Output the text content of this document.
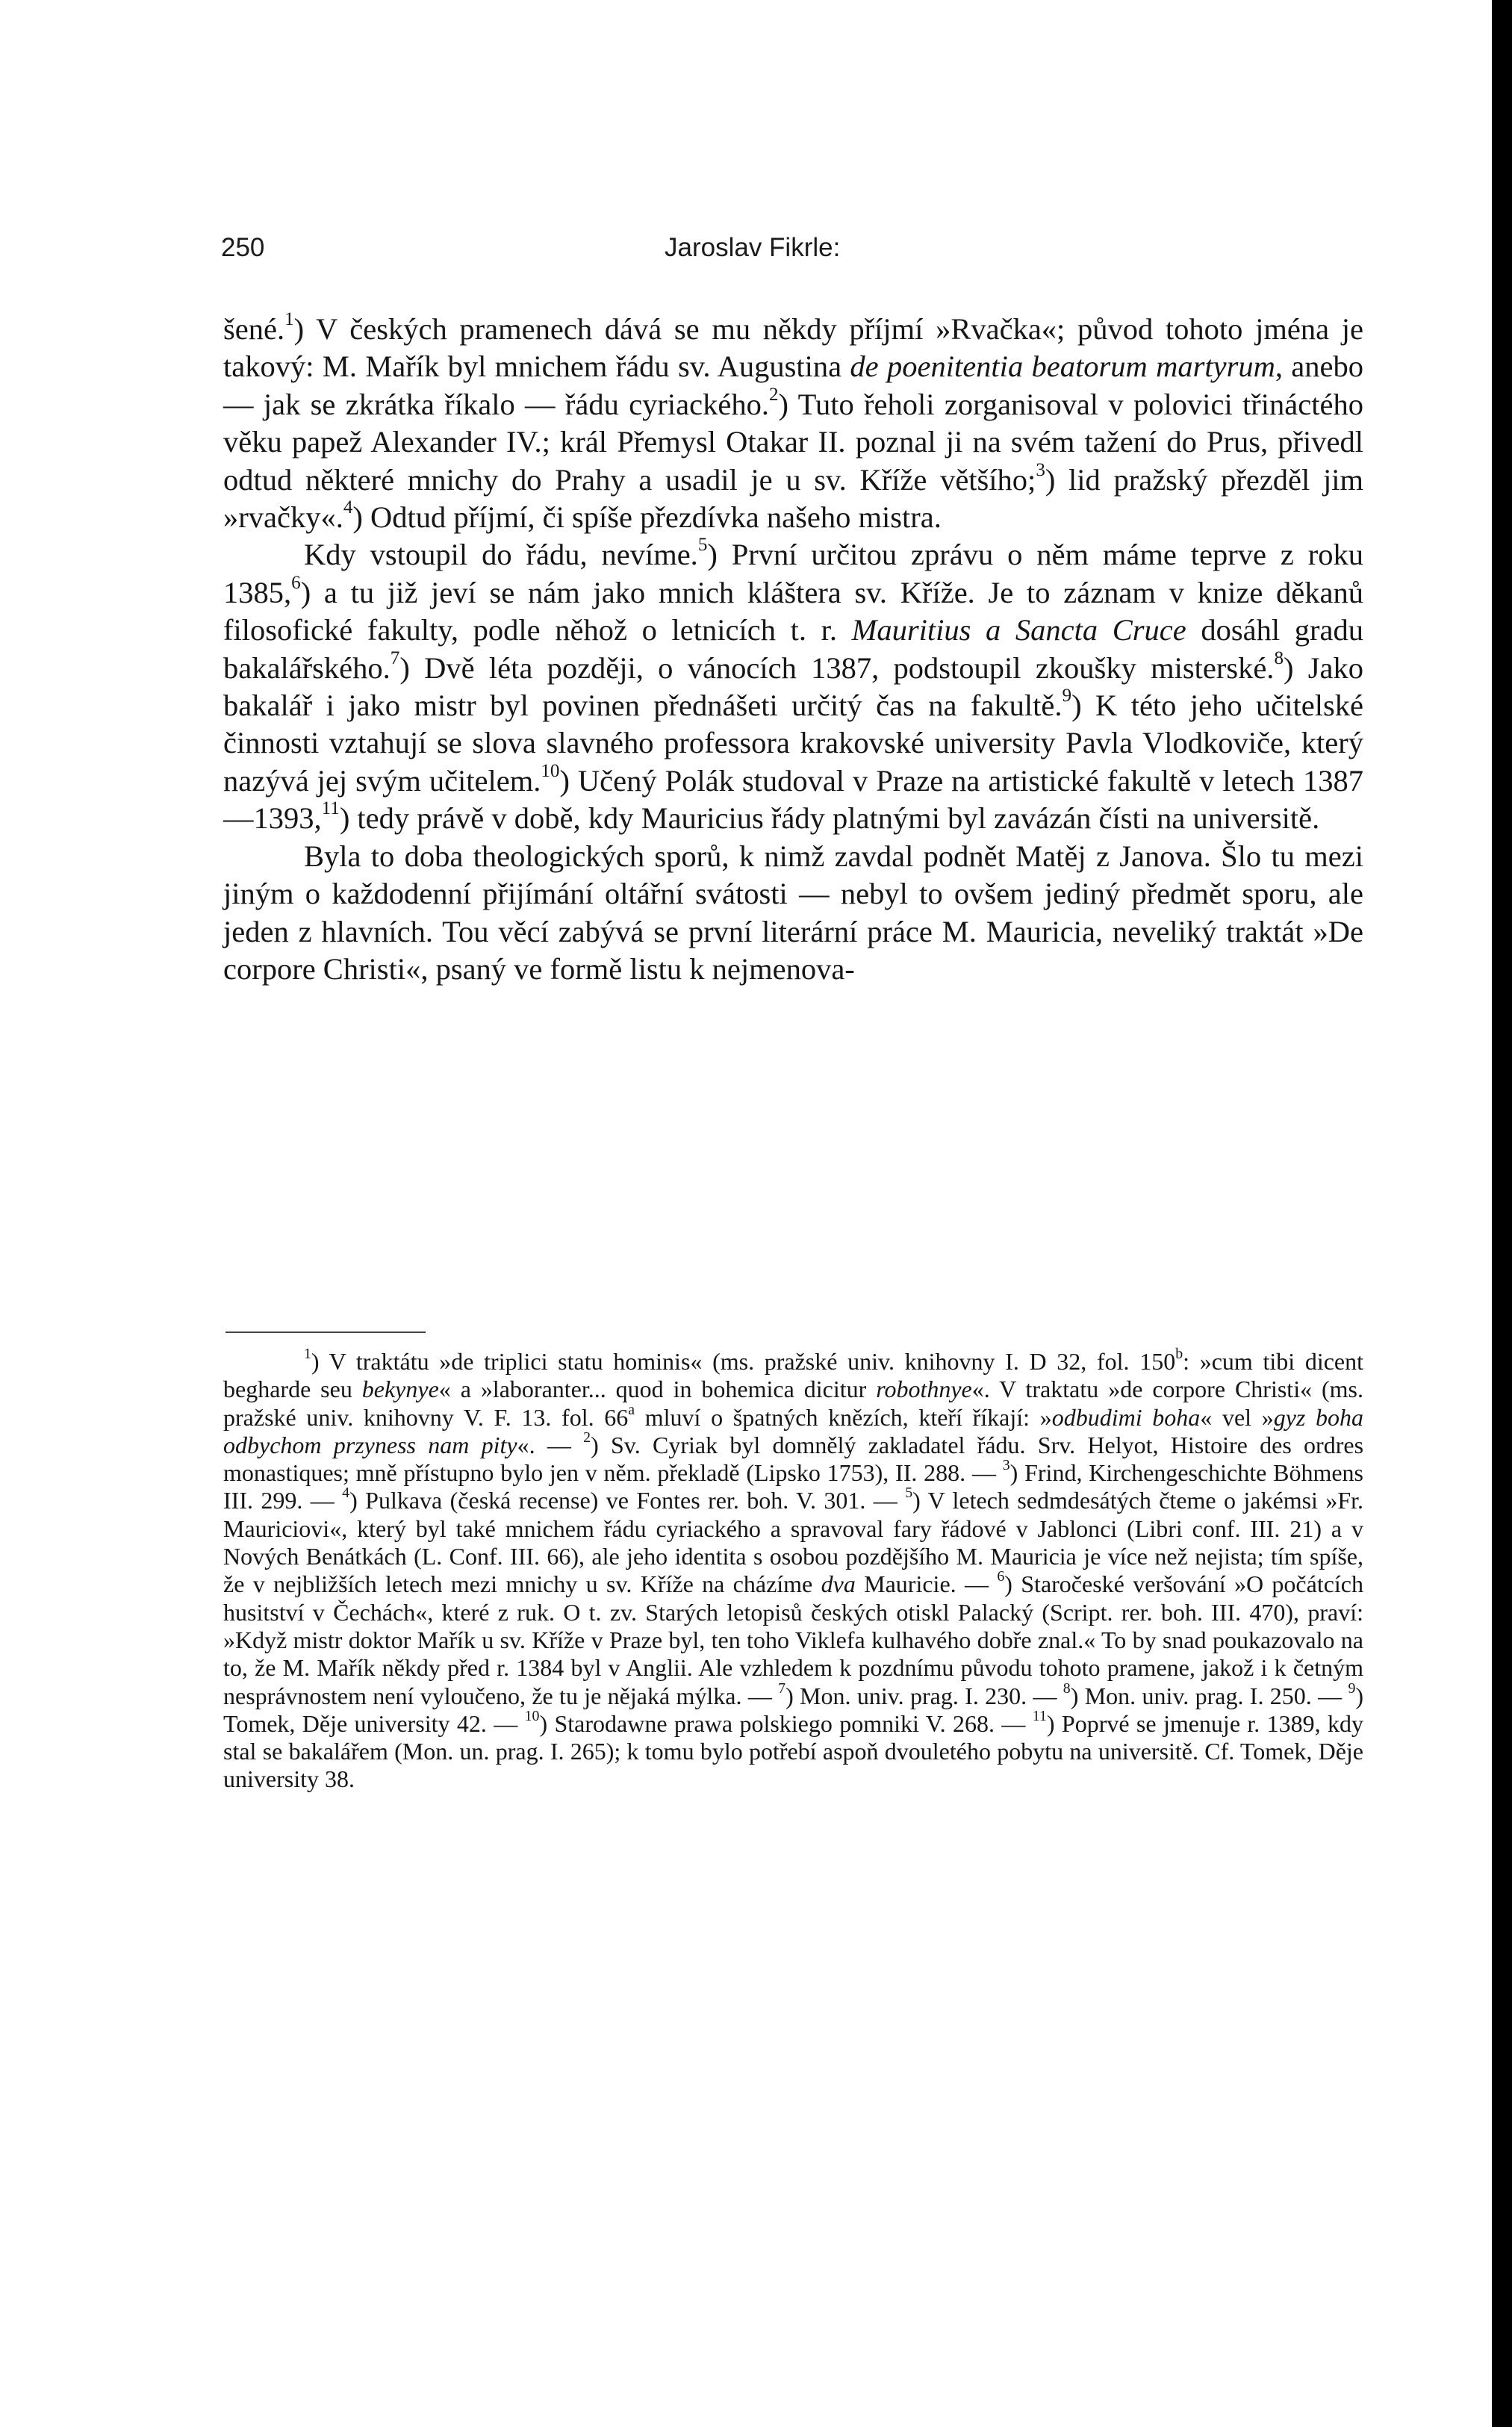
250	Jaroslav Fikrle:

šené.$^1$) V českých pramenech dává se mu někdy příjmí »Rvačka«; původ tohoto jména je takový: M. Mařík byl mnichem řádu sv. Augustina de poenitentia beatorum martyrum, anebo — jak se zkrátka říkalo — řádu cyriackého.$^2$) Tuto řeholi zorganisoval v polovici třináctého věku papež Alexander IV.; král Přemysl Otakar II. poznal ji na svém tažení do Prus, přivedl odtud některé mnichy do Prahy a usadil je u sv. Kříže většího;$^3$) lid pražský přezděl jim »rvačky«.$^4$) Odtud příjmí, či spíše přezdívka našeho mistra.

Kdy vstoupil do řádu, nevíme.$^5$) První určitou zprávu o něm máme teprve z roku 1385,$^6$) a tu již jeví se nám jako mnich kláštera sv. Kříže. Je to záznam v knize děkanů filosofické fakulty, podle něhož o letnicích t. r. Mauritius a Sancta Cruce dosáhl gradu bakalářského.$^7$) Dvě léta později, o vánocích 1387, podstoupil zkoušky misterské.$^8$) Jako bakalář i jako mistr byl povinen přednášeti určitý čas na fakultě.$^9$) K této jeho učitelské činnosti vztahují se slova slavného professora krakovské university Pavla Vlodkoviče, který nazývá jej svým učitelem.$^{10}$) Učený Polák studoval v Praze na artistické fakultě v letech 1387—1393,11) tedy právě v době, kdy Mauricius řády platnými byl zavázán čísti na universitě.

Byla to doba theologických sporů, k nimž zavdal podnět Matěj z Janova. Šlo tu mezi jiným o každodenní přijímání oltářní svátosti — nebyl to ovšem jediný předmět sporu, ale jeden z hlavních. Tou věcí zabývá se první literární práce M. Mauricia, neveliký traktát »De corpore Christi«, psaný ve formě listu k nejmenova-

$^1$) V traktátu »de triplici statu hominis« (ms. pražské univ. knihovny I. D 32, fol. 150$^b$: »cum tibi dicent begharde seu bekynye« a »laboranter... quod in bohemica dicitur robothnye«. V traktatu »de corpore Christi« (ms. pražské univ. knihovny V. F. 13. fol. 66$^a$ mluví o špatných knězích, kteří říkají: »odbudimi boha« vel »gyz boha odbychom przyness nam pity«. — $^2$) Sv. Cyriak byl domnělý zakladatel řádu. Srv. Helyot, Histoire des ordres monastiques; mně přístupno bylo jen v něm. překladě (Lipsko 1753), II. 288. — $^3$) Frind, Kirchengeschichte Böhmens III. 299. — $^4$) Pulkava (česká recense) ve Fontes rer. boh. V. 301. — $^5$) V letech sedmdesátých čteme o jakémsi »Fr. Mauriciovi«, který byl také mnichem řádu cyriackého a spravoval fary řádové v Jablonci (Libri conf. III. 21) a v Nových Benátkách (L. Conf. III. 66), ale jeho identita s osobou pozdějšího M. Mauricia je více než nejista; tím spíše, že v nejbližších letech mezi mnichy u sv. Kříže na cházíme dva Mauricie. — $^6$) Staročeské veršování »O počátcích husitství v Čechách«, které z ruk. O t. zv. Starých letopisů českých otiskl Palacký (Script. rer. boh. III. 470), praví: »Když mistr doktor Mařík u sv. Kříže v Praze byl, ten toho Viklefa kulhavého dobře znal.« To by snad poukazovalo na to, že M. Mařík někdy před r. 1384 byl v Anglii. Ale vzhledem k pozdnímu původu tohoto pramene, jakož i k četným nesprávnostem není vyloučeno, že tu je nějaká mýlka. — $^7$) Mon. univ. prag. I. 230. — $^8$) Mon. univ. prag. I. 250. — $^9$) Tomek, Děje university 42. — $^{10}$) Starodawne prawa polskiego pomniki V. 268. — $^{11}$) Poprvé se jmenuje r. 1389, kdy stal se bakalářem (Mon. un. prag. I. 265); k tomu bylo potřebí aspoň dvouletého pobytu na universitě. Cf. Tomek, Děje university 38.
